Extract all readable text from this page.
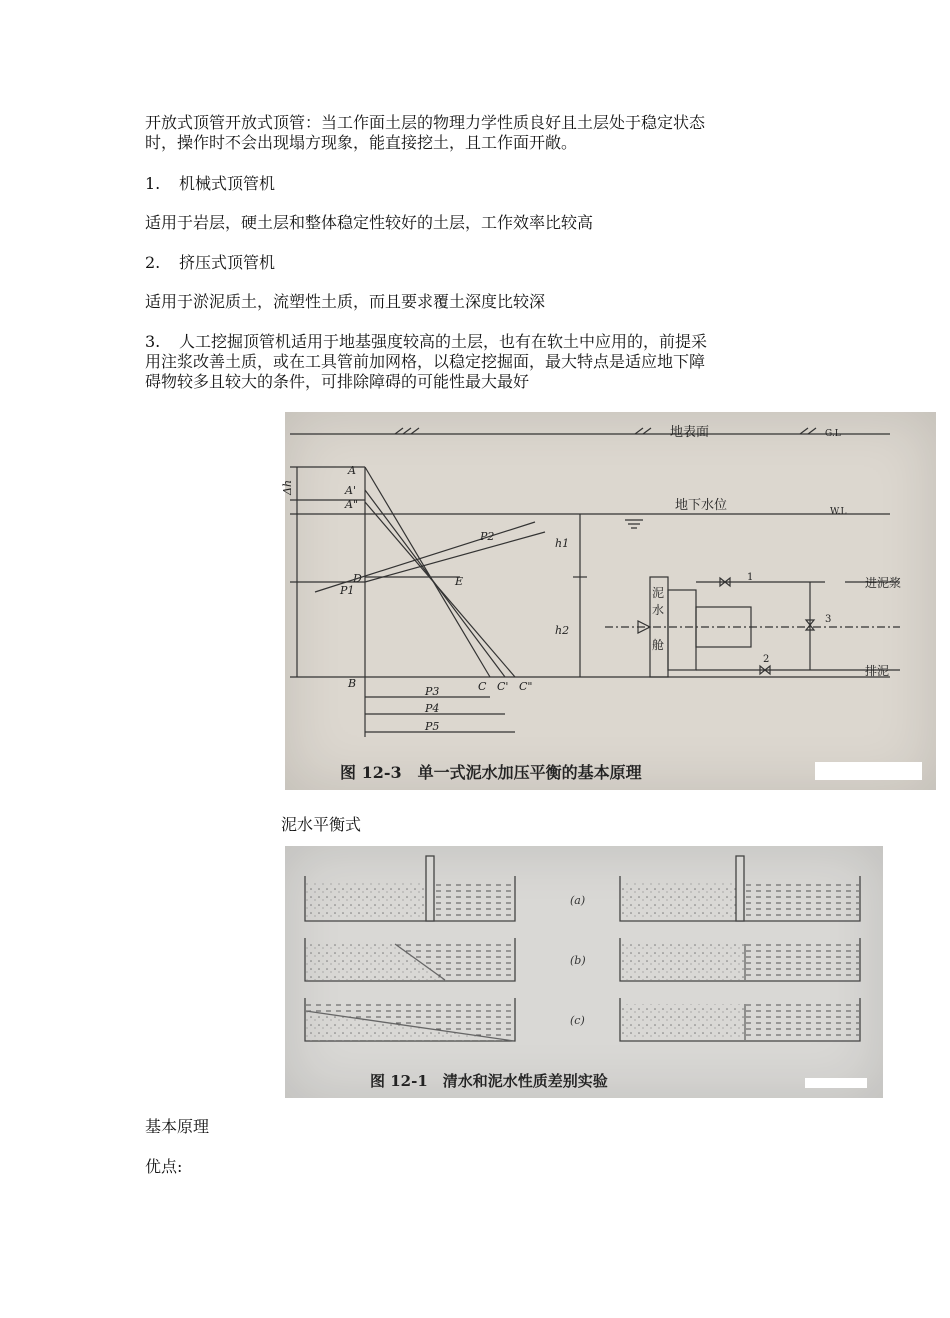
开放式顶管开放式顶管：当工作面土层的物理力学性质良好且土层处于稳定状态
时，操作时不会出现塌方现象，能直接挖土，且工作面开敞。
1. 机械式顶管机
适用于岩层，硬土层和整体稳定性较好的土层，工作效率比较高
2. 挤压式顶管机
适用于淤泥质土，流塑性土质，而且要求覆土深度比较深
3. 人工挖掘顶管机适用于地基强度较高的土层，也有在软土中应用的，前提采
用注浆改善土质，或在工具管前加网格，以稳定挖掘面，最大特点是适应地下障
碍物较多且较大的条件，可排除障碍的可能性最大最好
地表面	G.L
地下水位	W.L
Δh
A
A'
A"
B	C C' C"
D	E
P1
P2
h1
h2
P3
P4
P5
泥
水
舱
1
2
3
进泥浆
排泥
图 12-3　单一式泥水加压平衡的基本原理
泥水平衡式
(a)
(b)
(c)
图 12-1　清水和泥水性质差别实验
基本原理
优点:
